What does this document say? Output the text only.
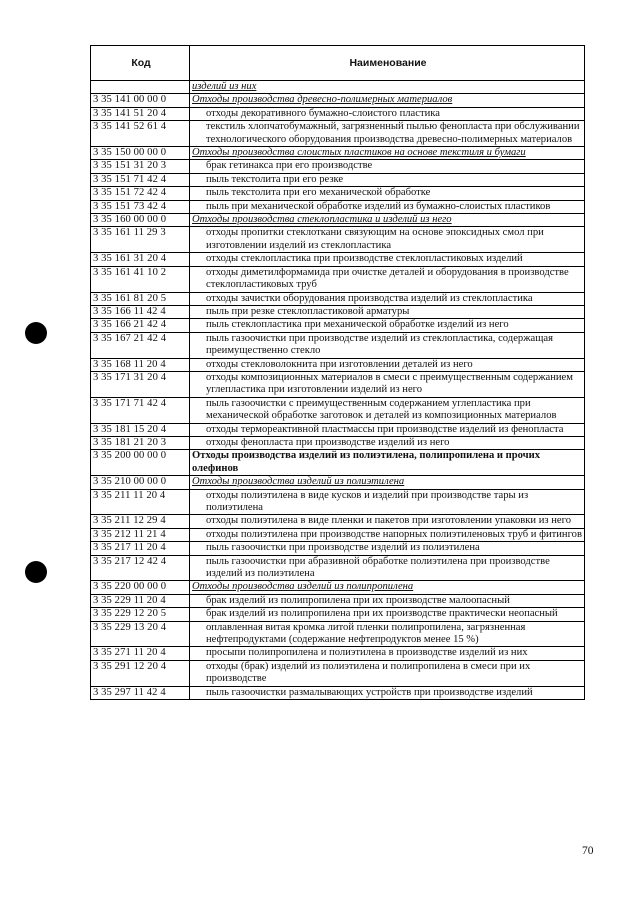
Код	Наименование
	изделий из них
3 35 141 00 00 0	Отходы производства древесно-полимерных материалов
3 35 141 51 20 4	отходы декоративного бумажно-слоистого пластика
3 35 141 52 61 4	текстиль хлопчатобумажный, загрязненный пылью фенопласта при обслуживании технологического оборудования производства древесно-полимерных материалов
3 35 150 00 00 0	Отходы производства слоистых пластиков на основе текстиля и бумаги
3 35 151 31 20 3	брак гетинакса при его производстве
3 35 151 71 42 4	пыль текстолита при его резке
3 35 151 72 42 4	пыль текстолита при его механической обработке
3 35 151 73 42 4	пыль при механической обработке изделий из бумажно-слоистых пластиков
3 35 160 00 00 0	Отходы производства стеклопластика и изделий из него
3 35 161 11 29 3	отходы пропитки стеклоткани связующим на основе эпоксидных смол при изготовлении изделий из стеклопластика
3 35 161 31 20 4	отходы стеклопластика при производстве стеклопластиковых изделий
3 35 161 41 10 2	отходы диметилформамида при очистке деталей и оборудования в производстве стеклопластиковых труб
3 35 161 81 20 5	отходы зачистки оборудования производства изделий из стеклопластика
3 35 166 11 42 4	пыль при резке стеклопластиковой арматуры
3 35 166 21 42 4	пыль стеклопластика при механической обработке изделий из него
3 35 167 21 42 4	пыль газоочистки при производстве изделий из стеклопластика, содержащая преимущественно стекло
3 35 168 11 20 4	отходы стекловолокнита при изготовлении деталей из него
3 35 171 31 20 4	отходы композиционных материалов в смеси с преимущественным содержанием углепластика при изготовлении изделий из него
3 35 171 71 42 4	пыль газоочистки с преимущественным содержанием углепластика при механической обработке заготовок и деталей из композиционных материалов
3 35 181 15 20 4	отходы термореактивной пластмассы при производстве изделий из фенопласта
3 35 181 21 20 3	отходы фенопласта при производстве изделий из него
3 35 200 00 00 0	Отходы производства изделий из полиэтилена, полипропилена и прочих олефинов
3 35 210 00 00 0	Отходы производства изделий из полиэтилена
3 35 211 11 20 4	отходы полиэтилена в виде кусков и изделий при производстве тары из полиэтилена
3 35 211 12 29 4	отходы полиэтилена в виде пленки и пакетов при изготовлении упаковки из него
3 35 212 11 21 4	отходы полиэтилена при производстве напорных полиэтиленовых труб и фитингов
3 35 217 11 20 4	пыль газоочистки при производстве изделий из полиэтилена
3 35 217 12 42 4	пыль газоочистки при абразивной обработке полиэтилена при производстве изделий из полиэтилена
3 35 220 00 00 0	Отходы производства изделий из полипропилена
3 35 229 11 20 4	брак изделий из полипропилена при их производстве малоопасный
3 35 229 12 20 5	брак изделий из полипропилена при их производстве практически неопасный
3 35 229 13 20 4	оплавленная витая кромка литой пленки полипропилена, загрязненная нефтепродуктами (содержание нефтепродуктов менее 15 %)
3 35 271 11 20 4	просыпи полипропилена и полиэтилена в производстве изделий из них
3 35 291 12 20 4	отходы (брак) изделий из полиэтилена и полипропилена в смеси при их производстве
3 35 297 11 42 4	пыль газоочистки размалывающих устройств при производстве изделий
70
